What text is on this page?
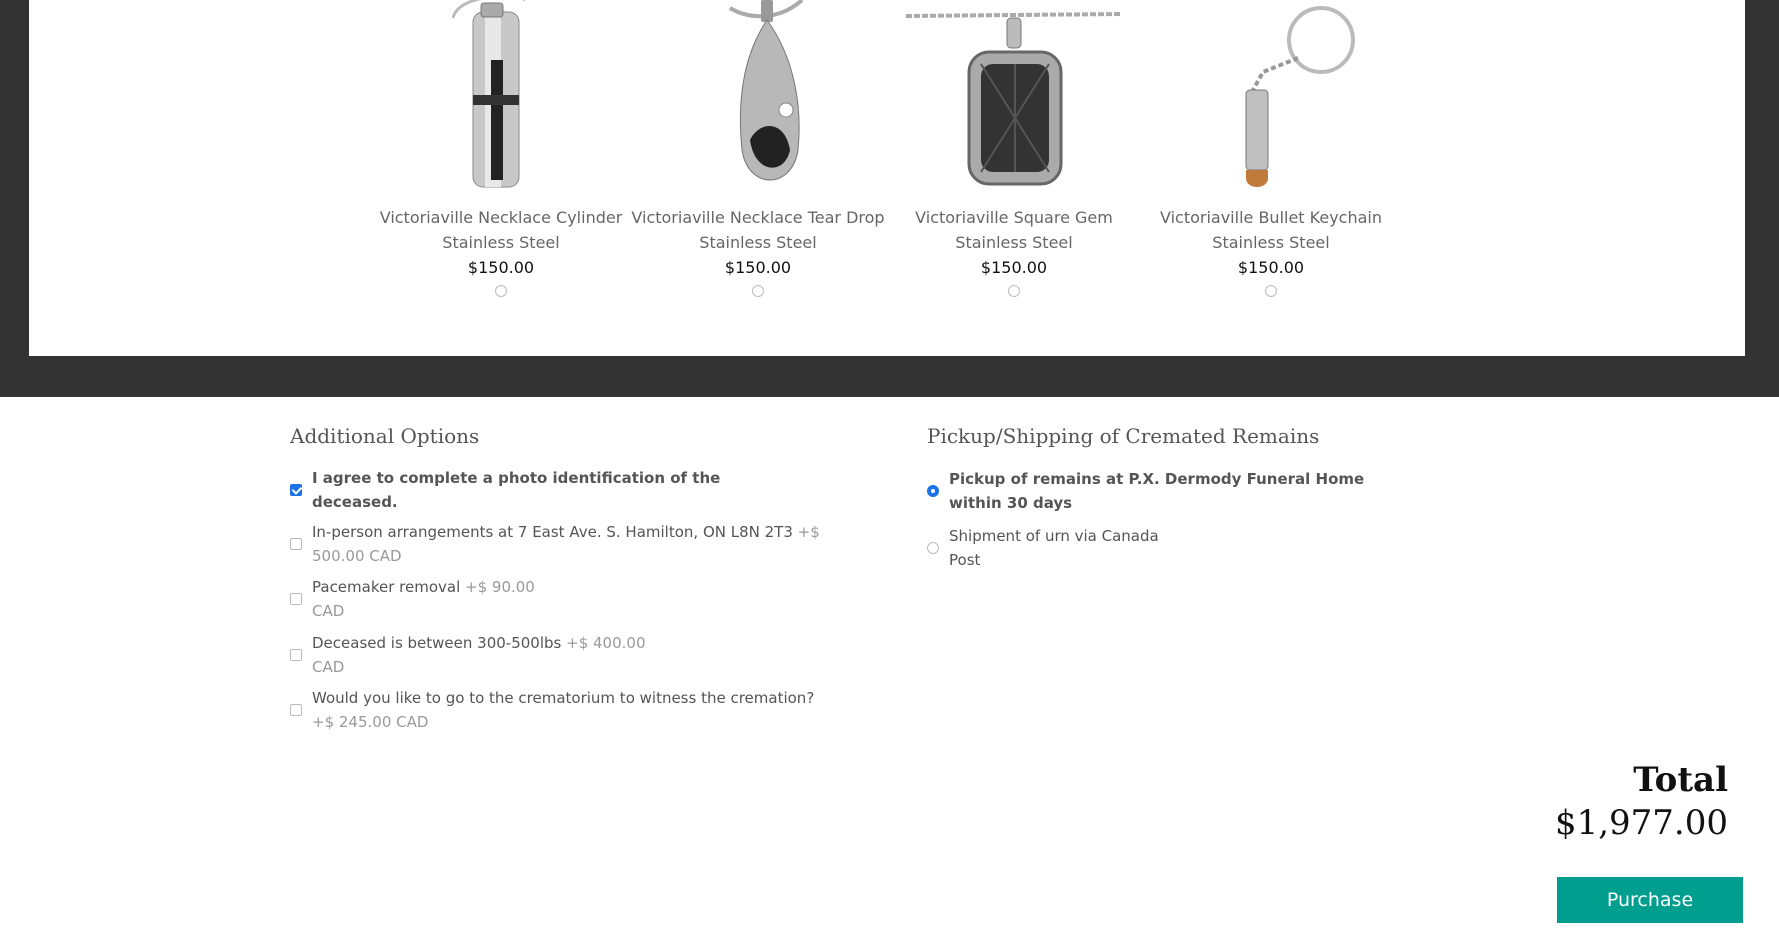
Victoriaville Necklace Cylinder Stainless Steel
$150.00
Victoriaville Necklace Tear Drop Stainless Steel
$150.00
Victoriaville Square Gem Stainless Steel
$150.00
Victoriaville Bullet Keychain Stainless Steel
$150.00
Additional Options
I agree to complete a photo identification of the deceased.
In-person arrangements at 7 East Ave. S. Hamilton, ON L8N 2T3 +$ 500.00 CAD
Pacemaker removal +$ 90.00 CAD
Deceased is between 300-500lbs +$ 400.00 CAD
Would you like to go to the crematorium to witness the cremation? +$ 245.00 CAD
Pickup/Shipping of Cremated Remains
Pickup of remains at P.X. Dermody Funeral Home within 30 days
Shipment of urn via Canada Post
Total
$1,977.00
Purchase
